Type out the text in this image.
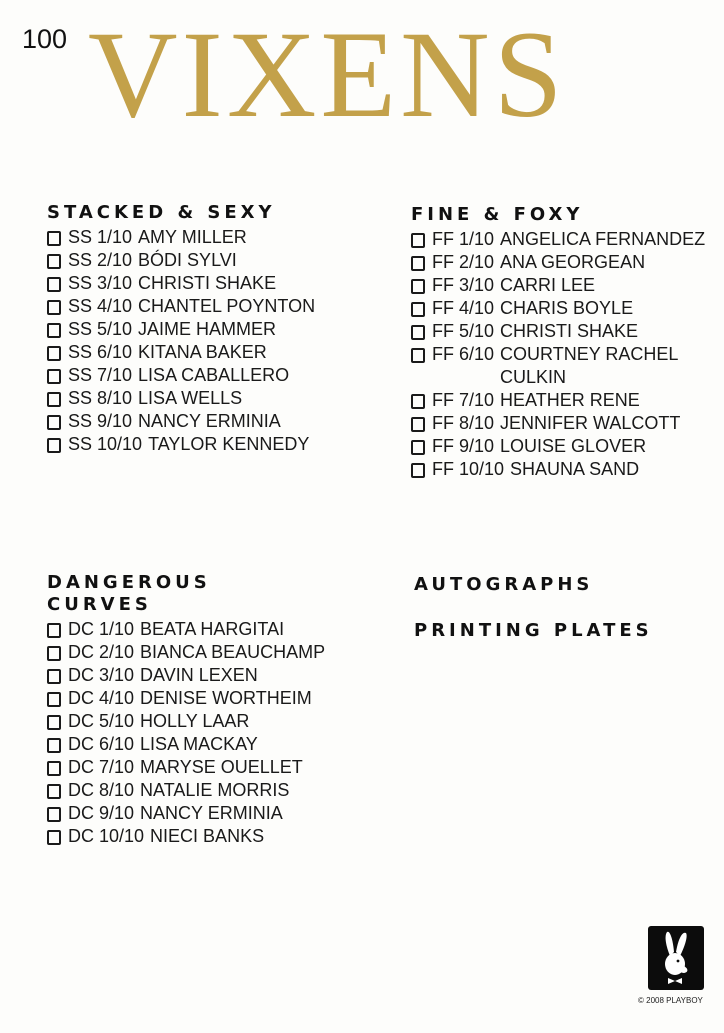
100 VIXENS
STACKED & SEXY
SS 1/10 AMY MILLER
SS 2/10 BÓDI SYLVI
SS 3/10 CHRISTI SHAKE
SS 4/10 CHANTEL POYNTON
SS 5/10 JAIME HAMMER
SS 6/10 KITANA BAKER
SS 7/10 LISA CABALLERO
SS 8/10 LISA WELLS
SS 9/10 NANCY ERMINIA
SS 10/10 TAYLOR KENNEDY
FINE & FOXY
FF 1/10 ANGELICA FERNANDEZ
FF 2/10 ANA GEORGEAN
FF 3/10 CARRI LEE
FF 4/10 CHARIS BOYLE
FF 5/10 CHRISTI SHAKE
FF 6/10 COURTNEY RACHEL CULKIN
FF 7/10 HEATHER RENE
FF 8/10 JENNIFER WALCOTT
FF 9/10 LOUISE GLOVER
FF 10/10 SHAUNA SAND
DANGEROUS CURVES
DC 1/10 BEATA HARGITAI
DC 2/10 BIANCA BEAUCHAMP
DC 3/10 DAVIN LEXEN
DC 4/10 DENISE WORTHEIM
DC 5/10 HOLLY LAAR
DC 6/10 LISA MACKAY
DC 7/10 MARYSE OUELLET
DC 8/10 NATALIE MORRIS
DC 9/10 NANCY ERMINIA
DC 10/10 NIECI BANKS
AUTOGRAPHS
PRINTING PLATES
© 2008 PLAYBOY
